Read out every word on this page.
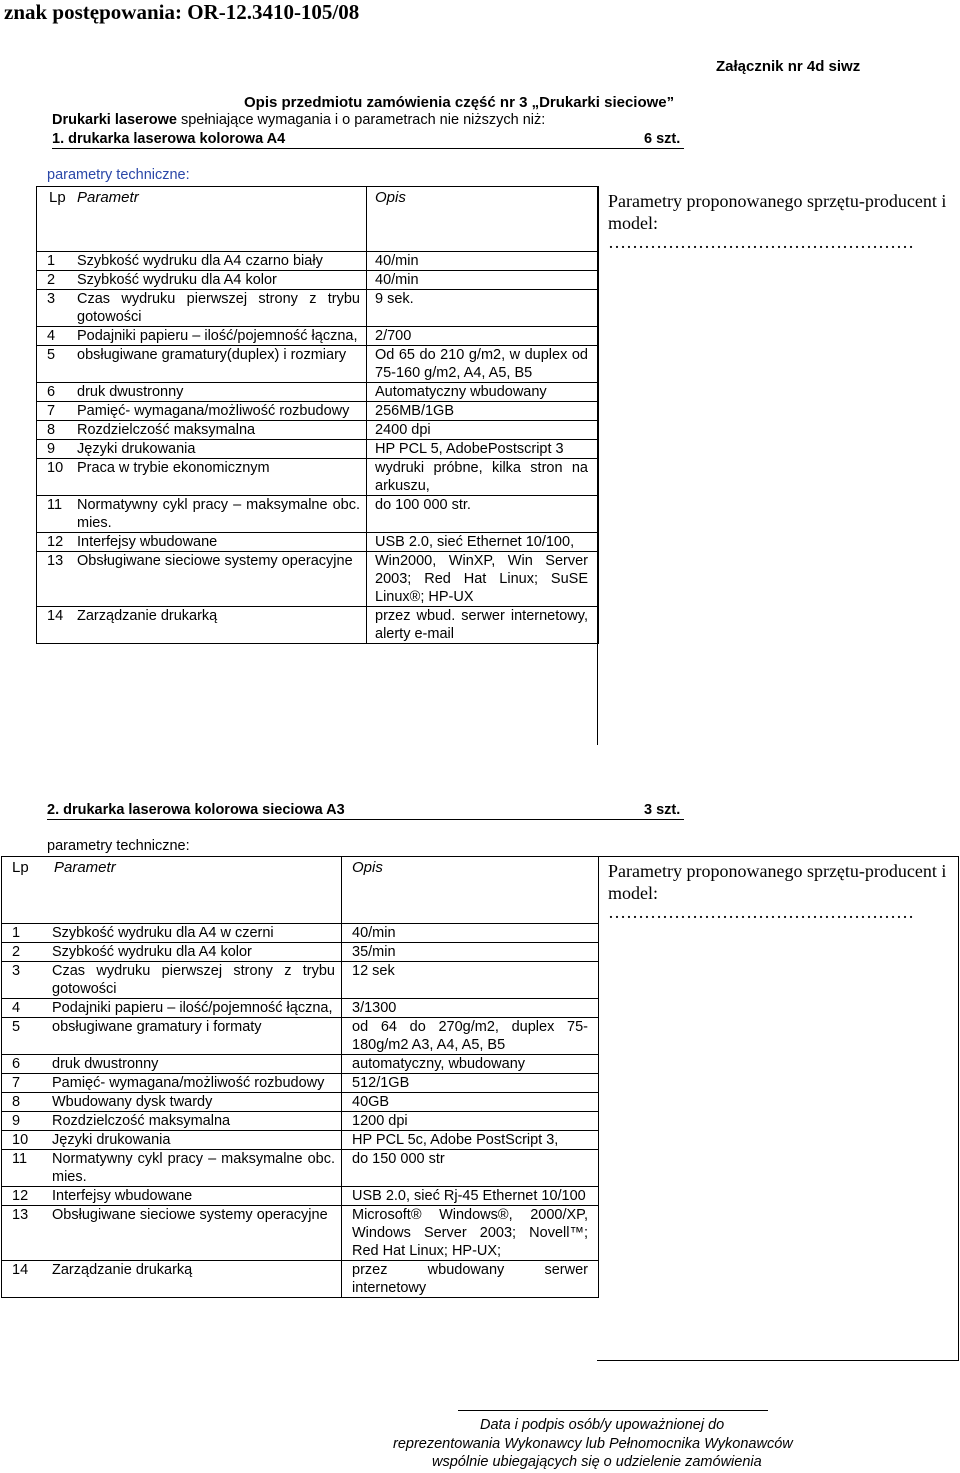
znak postępowania: OR-12.3410-105/08
Załącznik nr 4d siwz
Opis przedmiotu zamówienia część nr 3 „Drukarki sieciowe”
Drukarki laserowe spełniające wymagania i o parametrach nie niższych niż:
1. drukarka laserowa kolorowa A4	6 szt.
parametry techniczne:
Lp Parametr	Opis

1 Szybkość wydruku dla A4 czarno biały	40/min

2 Szybkość wydruku dla A4 kolor	40/min

3 Czas wydruku pierwszej strony z trybu gotowości	9 sek.

4 Podajniki papieru – ilość/pojemność łączna,	2/700

5 obsługiwane gramatury(duplex) i rozmiary	Od 65 do 210 g/m2, w duplex od 75-160 g/m2, A4, A5, B5

6 druk dwustronny	Automatyczny wbudowany

7 Pamięć- wymagana/możliwość rozbudowy	256MB/1GB

8 Rozdzielczość maksymalna	2400 dpi

9 Języki drukowania	HP PCL 5, AdobePostscript 3

10 Praca w trybie ekonomicznym	wydruki próbne, kilka stron na arkuszu,

11 Normatywny cykl pracy – maksymalne obc. mies.	do 100 000 str.

12 Interfejsy wbudowane	USB 2.0, sieć Ethernet 10/100,

13 Obsługiwane sieciowe systemy operacyjne	Win2000, WinXP, Win Server 2003; Red Hat Linux; SuSE Linux®; HP-UX

14 Zarządzanie drukarką	przez wbud. serwer internetowy, alerty e-mail
Parametry proponowanego sprzętu-producent i model:
……………………………………………
2. drukarka laserowa kolorowa sieciowa A3	3 szt.
parametry techniczne:
Lp Parametr	Opis

1 Szybkość wydruku dla A4 w czerni	40/min

2 Szybkość wydruku dla A4 kolor	35/min

3 Czas wydruku pierwszej strony z trybu gotowości	12 sek

4 Podajniki papieru – ilość/pojemność łączna,	3/1300

5 obsługiwane gramatury i formaty	od 64 do 270g/m2, duplex 75-180g/m2 A3, A4, A5, B5

6 druk dwustronny	automatyczny, wbudowany

7 Pamięć- wymagana/możliwość rozbudowy	512/1GB

8 Wbudowany dysk twardy	40GB

9 Rozdzielczość maksymalna	1200 dpi

10 Języki drukowania	HP PCL 5c, Adobe PostScript 3,

11 Normatywny cykl pracy – maksymalne obc. mies.	do 150 000 str

12 Interfejsy wbudowane	USB 2.0, sieć Rj-45 Ethernet 10/100

13 Obsługiwane sieciowe systemy operacyjne	Microsoft® Windows®, 2000/XP, Windows Server 2003; Novell™; Red Hat Linux; HP-UX;

14 Zarządzanie drukarką	przez wbudowany serwer internetowy
Parametry proponowanego sprzętu-producent i model:
……………………………………………
Data i podpis osób/y upoważnionej do
reprezentowania Wykonawcy lub Pełnomocnika Wykonawców
wspólnie ubiegających się o udzielenie zamówienia
